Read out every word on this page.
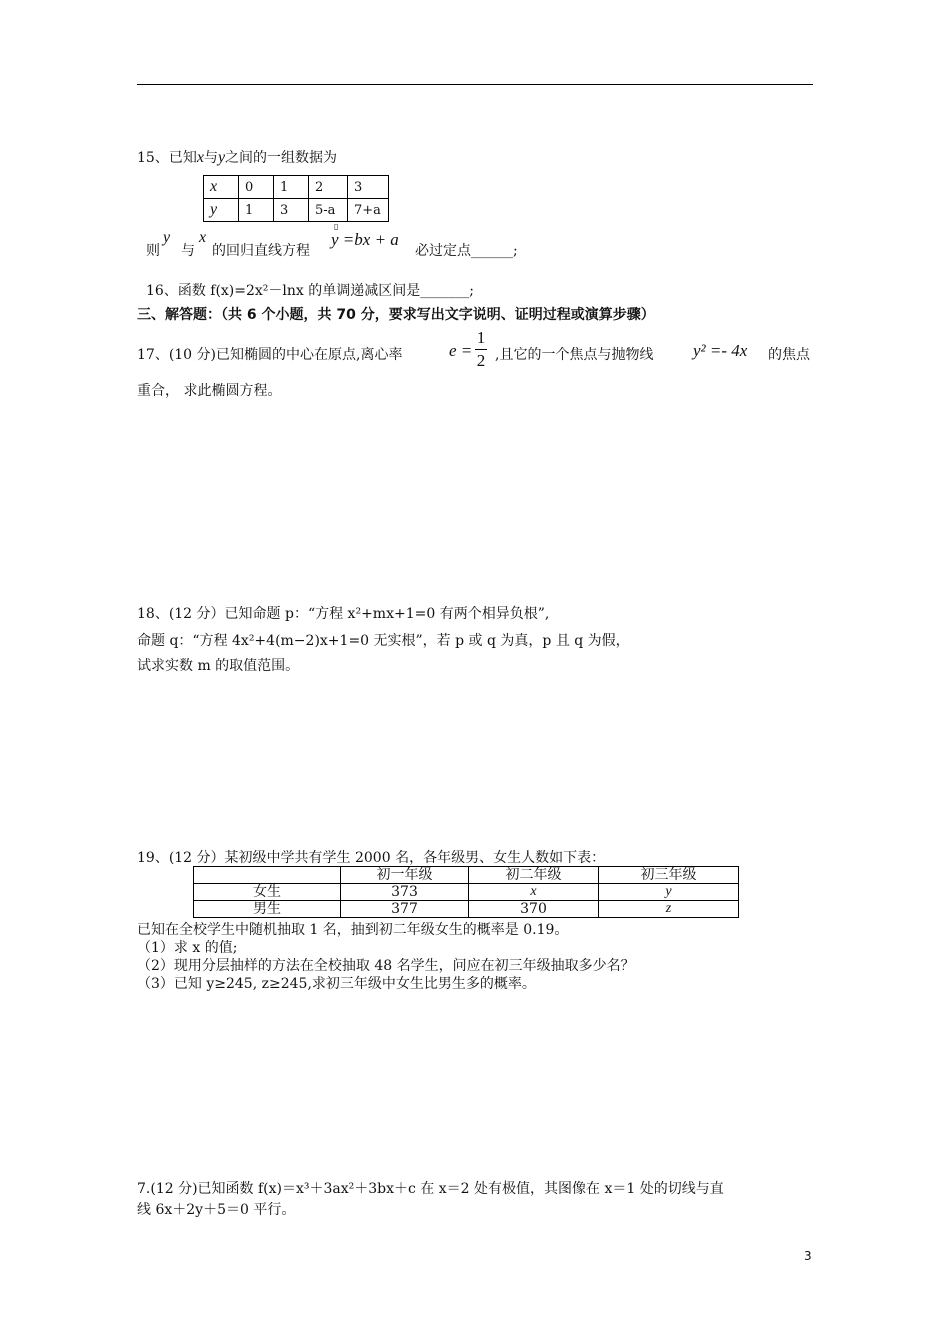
15、已知x与y之间的一组数据为
x	0	1	2	3
y	1	3	5-a	7+a
则
y
与
x
的回归直线方程
▯
y =bx + a
必过定点______;
16、函数 f(x)=2x²－lnx 的单调递减区间是_______;
三、解答题：（共 6 个小题，共 70 分，要求写出文字说明、证明过程或演算步骤）
17、(10 分)已知椭圆的中心在原点,离心率	e =
1
2 ,且它的一个焦点与抛物线 y² =- 4x 的焦点
重合， 求此椭圆方程。
18、(12 分）已知命题 p：“方程 x²+mx+1=0 有两个相异负根”,
命题 q：“方程 4x²+4(m−2)x+1=0 无实根”，若 p 或 q 为真，p 且 q 为假，
试求实数 m 的取值范围。
19、(12 分）某初级中学共有学生 2000 名，各年级男、女生人数如下表：
	初一年级	初二年级	初三年级
女生	373	x	y
男生	377	370	z
已知在全校学生中随机抽取 1 名，抽到初二年级女生的概率是 0.19。
（1）求 x 的值;
（2）现用分层抽样的方法在全校抽取 48 名学生，问应在初三年级抽取多少名？
（3）已知 y≥245, z≥245,求初三年级中女生比男生多的概率。
7.(12 分)已知函数 f(x)＝x³＋3ax²＋3bx＋c 在 x＝2 处有极值，其图像在 x＝1 处的切线与直
线 6x＋2y＋5＝0 平行。
3
